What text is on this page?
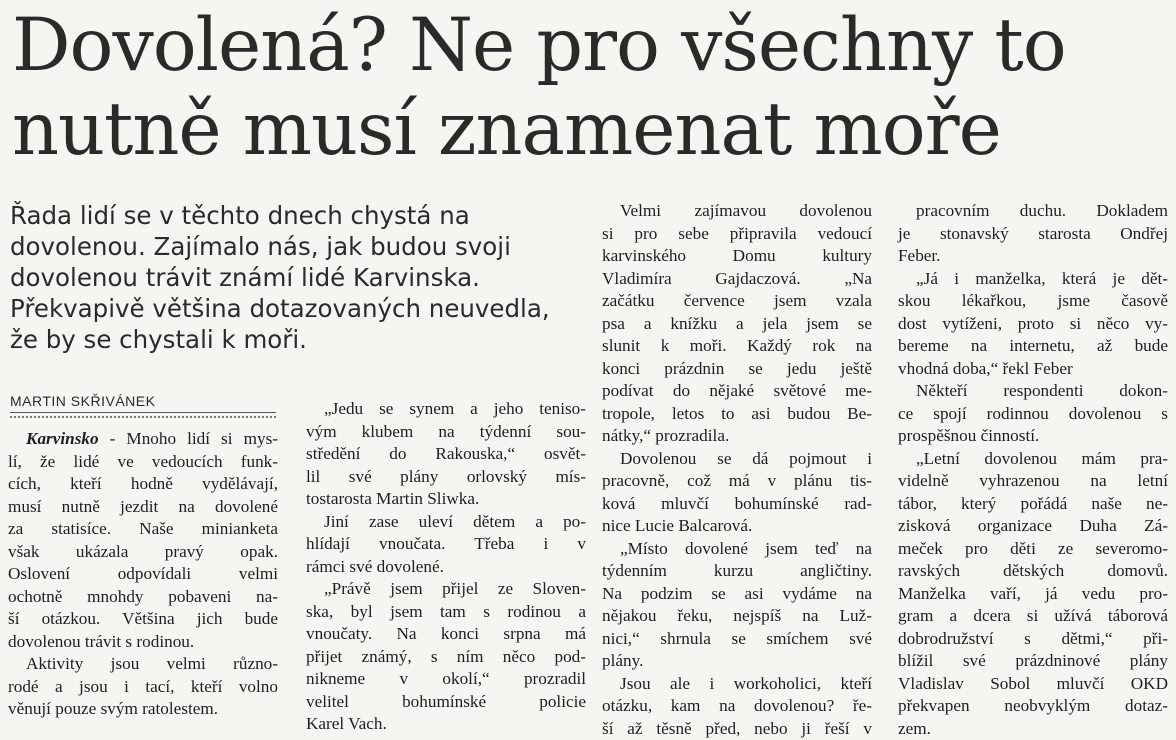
Dovolená? Ne pro všechny to
nutně musí znamenat moře
Řada lidí se v těchto dnech chystá na
dovolenou. Zajímalo nás, jak budou svoji
dovolenou trávit známí lidé Karvinska.
Překvapivě většina dotazovaných neuvedla,
že by se chystali k moři.
MARTIN SKŘIVÁNEK

Karvinsko - Mnoho lidí si mys-
lí, že lidé ve vedoucích funk-
cích, kteří hodně vydělávají,
musí nutně jezdit na dovolené
za statisíce. Naše minianketa
však ukázala pravý opak.
Oslovení odpovídali velmi
ochotně mnohdy pobaveni na-
ší otázkou. Většina jich bude
dovolenou trávit s rodinou.

Aktivity jsou velmi různo-
rodé a jsou i tací, kteří volno
věnují pouze svým ratolestem.

„Jedu se synem a jeho teniso-
vým klubem na týdenní sou-
středění do Rakouska,“ osvět-
lil své plány orlovský mís-
tostarosta Martin Sliwka.

Jiní zase uleví dětem a po-
hlídají vnoučata. Třeba i v
rámci své dovolené.

„Právě jsem přijel ze Sloven-
ska, byl jsem tam s rodinou a
vnoučaty. Na konci srpna má
přijet známý, s ním něco pod-
nikneme v okolí,“ prozradil
velitel bohumínské policie
Karel Vach.

Velmi zajímavou dovolenou
si pro sebe připravila vedoucí
karvinského Domu kultury
Vladimíra Gajdaczová. „Na
začátku července jsem vzala
psa a knížku a jela jsem se
slunit k moři. Každý rok na
konci prázdnin se jedu ještě
podívat do nějaké světové me-
tropole, letos to asi budou Be-
nátky,“ prozradila.

Dovolenou se dá pojmout i
pracovně, což má v plánu tis-
ková mluvčí bohumínské rad-
nice Lucie Balcarová.

„Místo dovolené jsem teď na
týdenním kurzu angličtiny.
Na podzim se asi vydáme na
nějakou řeku, nejspíš na Luž-
nici,“ shrnula se smíchem své
plány.

Jsou ale i workoholici, kteří
otázku, kam na dovolenou? ře-
ší až těsně před, nebo ji řeší v

pracovním duchu. Dokladem
je stonavský starosta Ondřej
Feber.

„Já i manželka, která je dět-
skou lékařkou, jsme časově
dost vytíženi, proto si něco vy-
bereme na internetu, až bude
vhodná doba,“ řekl Feber

Někteří respondenti dokon-
ce spojí rodinnou dovolenou s
prospěšnou činností.

„Letní dovolenou mám pra-
videlně vyhrazenou na letní
tábor, který pořádá naše ne-
zisková organizace Duha Zá-
meček pro děti ze severomo-
ravských dětských domovů.
Manželka vaří, já vedu pro-
gram a dcera si užívá táborová
dobrodružství s dětmi,“ při-
blížil své prázdninové plány
Vladislav Sobol mluvčí OKD
překvapen neobvyklým dotaz-
zem.
